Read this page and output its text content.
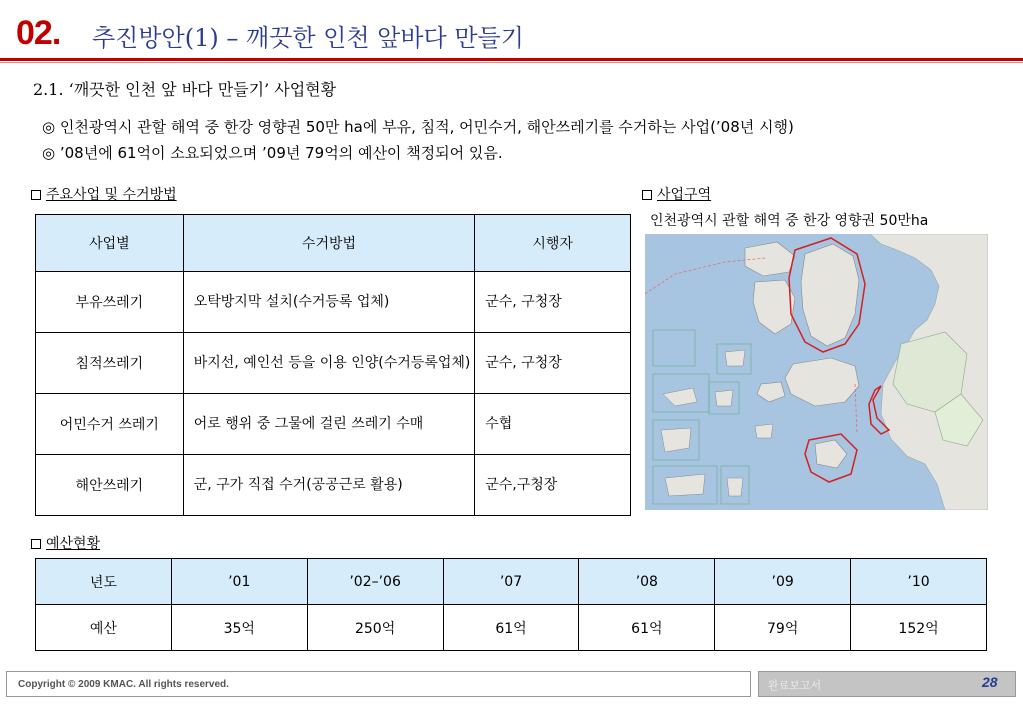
02. 추진방안(1) – 깨끗한 인천 앞바다 만들기
2.1. ‘깨끗한 인천 앞 바다 만들기’ 사업현황
◎ 인천광역시 관할 해역 중 한강 영향권 50만 ha에 부유, 침적, 어민수거, 해안쓰레기를 수거하는 사업(’08년 시행)
◎ ’08년에 61억이 소요되었으며 ’09년 79억의 예산이 책정되어 있음.
주요사업 및 수거방법	사업구역
사업별	수거방법	시행자
부유쓰레기	오탁방지막 설치(수거등록 업체)	군수, 구청장
침적쓰레기	바지선, 예인선 등을 이용 인양(수거등록업체)	군수, 구청장
어민수거 쓰레기	어로 행위 중 그물에 걸린 쓰레기 수매	수협
해안쓰레기	군, 구가 직접 수거(공공근로 활용)	군수,구청장
인천광역시 관할 해역 중 한강 영향권 50만ha
예산현황
년도	’01	’02–’06	’07	’08	’09	’10
예산	35억	250억	61억	61억	79억	152억
Copyright © 2009 KMAC. All rights reserved.	완료보고서	28
